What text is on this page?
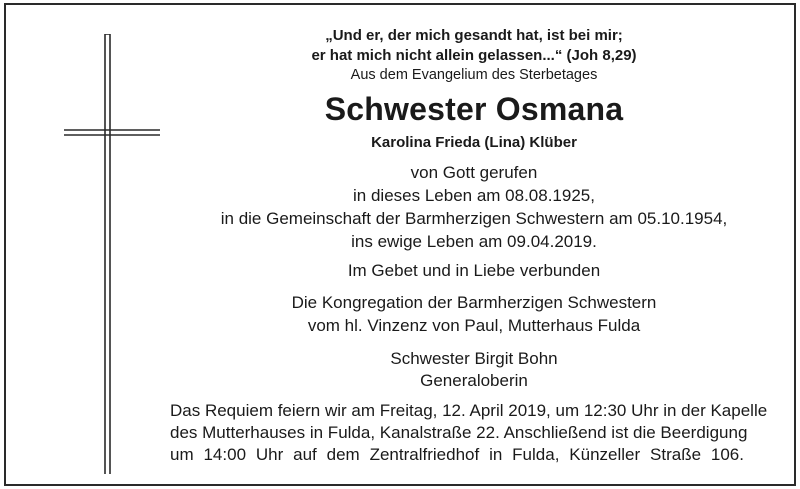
„Und er, der mich gesandt hat, ist bei mir;
er hat mich nicht allein gelassen...“ (Joh 8,29)
Aus dem Evangelium des Sterbetages
Schwester Osmana
Karolina Frieda (Lina) Klüber
von Gott gerufen
in dieses Leben am 08.08.1925,
in die Gemeinschaft der Barmherzigen Schwestern am 05.10.1954,
ins ewige Leben am 09.04.2019.
Im Gebet und in Liebe verbunden
Die Kongregation der Barmherzigen Schwestern
vom hl. Vinzenz von Paul, Mutterhaus Fulda
Schwester Birgit Bohn
Generaloberin
Das Requiem feiern wir am Freitag, 12. April 2019, um 12:30 Uhr in der Kapelle
des Mutterhauses in Fulda, Kanalstraße 22. Anschließend ist die Beerdigung
um 14:00 Uhr auf dem Zentralfriedhof in Fulda, Künzeller Straße 106.
